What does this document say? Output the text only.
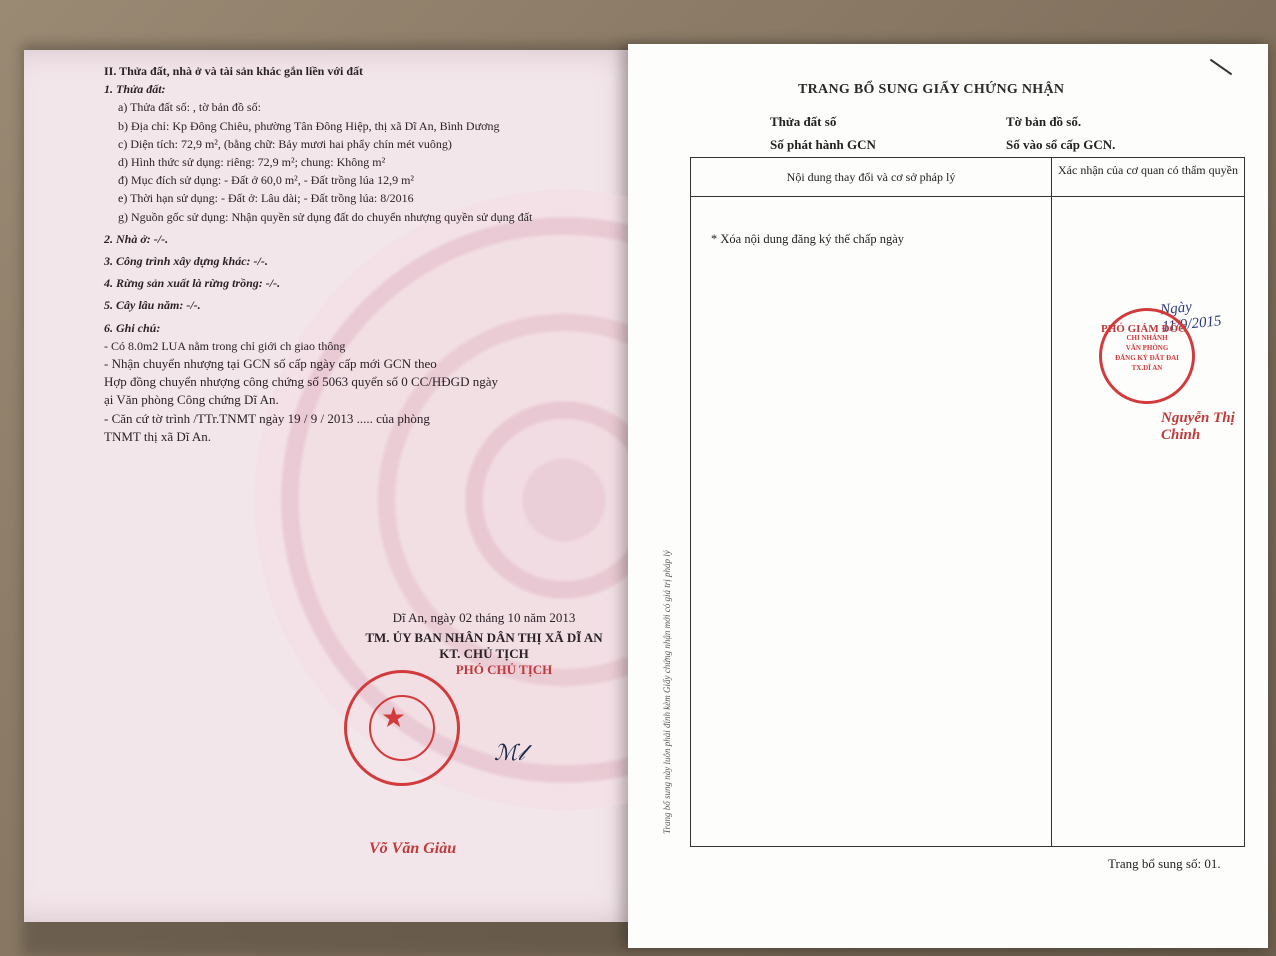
II. Thửa đất, nhà ở và tài sản khác gắn liền với đất
1. Thửa đất:
a) Thửa đất số: , tờ bản đồ số:
b) Địa chỉ: Kp Đông Chiêu, phường Tân Đông Hiệp, thị xã Dĩ An, Bình Dương
c) Diện tích: 72,9 m², (bằng chữ: Bảy mươi hai phẩy chín mét vuông)
d) Hình thức sử dụng: riêng: 72,9 m²; chung: Không m²
đ) Mục đích sử dụng: - Đất ở 60,0 m², - Đất trồng lúa 12,9 m²
e) Thời hạn sử dụng: - Đất ở: Lâu dài; - Đất trồng lúa: 8/2016
g) Nguồn gốc sử dụng: Nhận quyền sử dụng đất do chuyển nhượng quyền sử dụng đất
2. Nhà ở: -/-.
3. Công trình xây dựng khác: -/-.
4. Rừng sản xuất là rừng trồng: -/-.
5. Cây lâu năm: -/-.
6. Ghi chú:
- Có 8.0m2 LUA nằm trong chỉ giới ch giao thông
- Nhận chuyển nhượng tại GCN số cấp ngày cấp mới GCN theo
Hợp đồng chuyển nhượng công chứng số 5063 quyển số 0 CC/HĐGD ngày
ại Văn phòng Công chứng Dĩ An.
- Căn cứ tờ trình /TTr.TNMT ngày 19 / 9 / 2013 ..... của phòng
TNMT thị xã Dĩ An.
Dĩ An, ngày 02 tháng 10 năm 2013
TM. ỦY BAN NHÂN DÂN THỊ XÃ DĨ AN
KT. CHỦ TỊCH
PHÓ CHỦ TỊCH
★
ℳ𝓁
Võ Văn Giàu
TRANG BỔ SUNG GIẤY CHỨNG NHẬN
Thửa đất số	Tờ bản đồ số.
Số phát hành GCN	Số vào sổ cấp GCN.
Nội dung thay đổi và cơ sở pháp lý	Xác nhận của cơ quan có thẩm quyền
* Xóa nội dung đăng ký thế chấp ngày
Ngày 11/9/2015
CHI NHÁNH
VĂN PHÒNG
ĐĂNG KÝ ĐẤT ĐAI
TX.DĨ AN
PHÓ GIÁM ĐỐC
Nguyễn Thị Chinh
Trang bổ sung này luôn phải đính kèm Giấy chứng nhận mới có giá trị pháp lý
Trang bổ sung số: 01.
